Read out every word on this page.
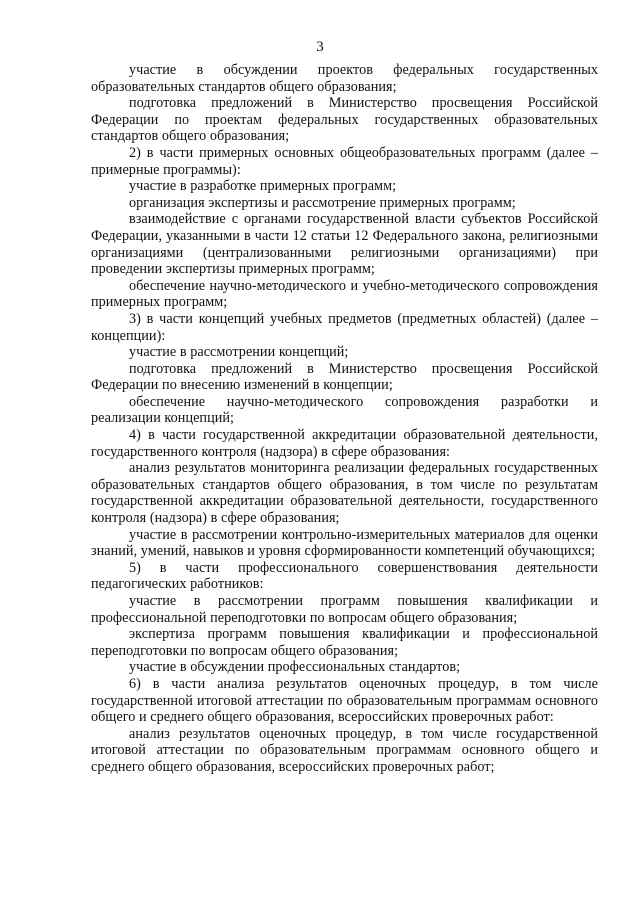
3

участие в обсуждении проектов федеральных государственных образовательных стандартов общего образования;

подготовка предложений в Министерство просвещения Российской Федерации по проектам федеральных государственных образовательных стандартов общего образования;

2) в части примерных основных общеобразовательных программ (далее – примерные программы):

участие в разработке примерных программ;

организация экспертизы и рассмотрение примерных программ;

взаимодействие с органами государственной власти субъектов Российской Федерации, указанными в части 12 статьи 12 Федерального закона, религиозными организациями (централизованными религиозными организациями) при проведении экспертизы примерных программ;

обеспечение научно-методического и учебно-методического сопровождения примерных программ;

3) в части концепций учебных предметов (предметных областей) (далее – концепции):

участие в рассмотрении концепций;

подготовка предложений в Министерство просвещения Российской Федерации по внесению изменений в концепции;

обеспечение научно-методического сопровождения разработки и реализации концепций;

4) в части государственной аккредитации образовательной деятельности, государственного контроля (надзора) в сфере образования:

анализ результатов мониторинга реализации федеральных государственных образовательных стандартов общего образования, в том числе по результатам государственной аккредитации образовательной деятельности, государственного контроля (надзора) в сфере образования;

участие в рассмотрении контрольно-измерительных материалов для оценки знаний, умений, навыков и уровня сформированности компетенций обучающихся;

5) в части профессионального совершенствования деятельности педагогических работников:

участие в рассмотрении программ повышения квалификации и профессиональной переподготовки по вопросам общего образования;

экспертиза программ повышения квалификации и профессиональной переподготовки по вопросам общего образования;

участие в обсуждении профессиональных стандартов;

6) в части анализа результатов оценочных процедур, в том числе государственной итоговой аттестации по образовательным программам основного общего и среднего общего образования, всероссийских проверочных работ:

анализ результатов оценочных процедур, в том числе государственной итоговой аттестации по образовательным программам основного общего и среднего общего образования, всероссийских проверочных работ;
